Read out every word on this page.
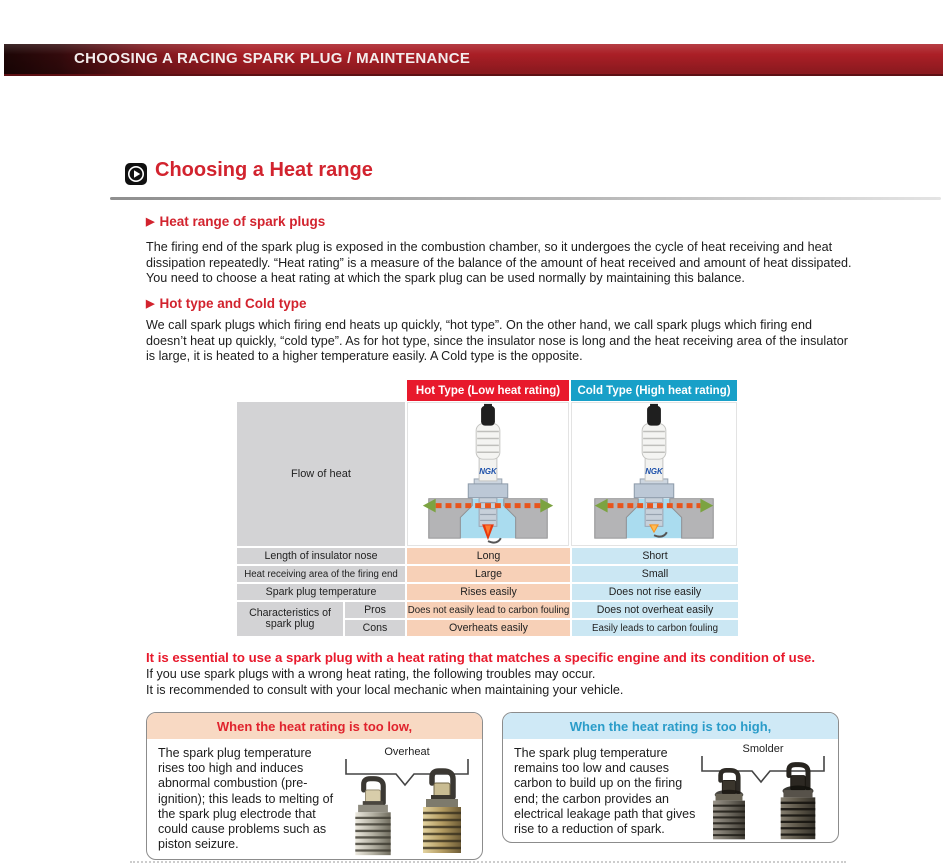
CHOOSING A RACING SPARK PLUG / MAINTENANCE
Choosing a Heat range
▶ Heat range of spark plugs
The firing end of the spark plug is exposed in the combustion chamber, so it undergoes the cycle of heat receiving and heat dissipation repeatedly. “Heat rating” is a measure of the balance of the amount of heat received and amount of heat dissipated. You need to choose a heat rating at which the spark plug can be used normally by maintaining this balance.
▶ Hot type and Cold type
We call spark plugs which firing end heats up quickly, “hot type”. On the other hand, we call spark plugs which firing end doesn’t heat up quickly, “cold type”. As for hot type, since the insulator nose is long and the heat receiving area of the insulator is large, it is heated to a higher temperature easily. A Cold type is the opposite.
Hot Type (Low heat rating)	Cold Type (High heat rating)
Flow of heat	NGK	NGK
Length of insulator nose	Long	Short
Heat receiving area of the firing end	Large	Small
Spark plug temperature	Rises easily	Does not rise easily
Characteristics of spark plug
Pros	Does not easily lead to carbon fouling	Does not overheat easily
Cons	Overheats easily	Easily leads to carbon fouling
It is essential to use a spark plug with a heat rating that matches a specific engine and its condition of use.
If you use spark plugs with a wrong heat rating, the following troubles may occur.
It is recommended to consult with your local mechanic when maintaining your vehicle.
When the heat rating is too low,
The spark plug temperature rises too high and induces abnormal combustion (pre-ignition); this leads to melting of the spark plug electrode that could cause problems such as piston seizure.
Overheat
When the heat rating is too high,
The spark plug temperature remains too low and causes carbon to build up on the firing end; the carbon provides an electrical leakage path that gives rise to a reduction of spark.
Smolder
